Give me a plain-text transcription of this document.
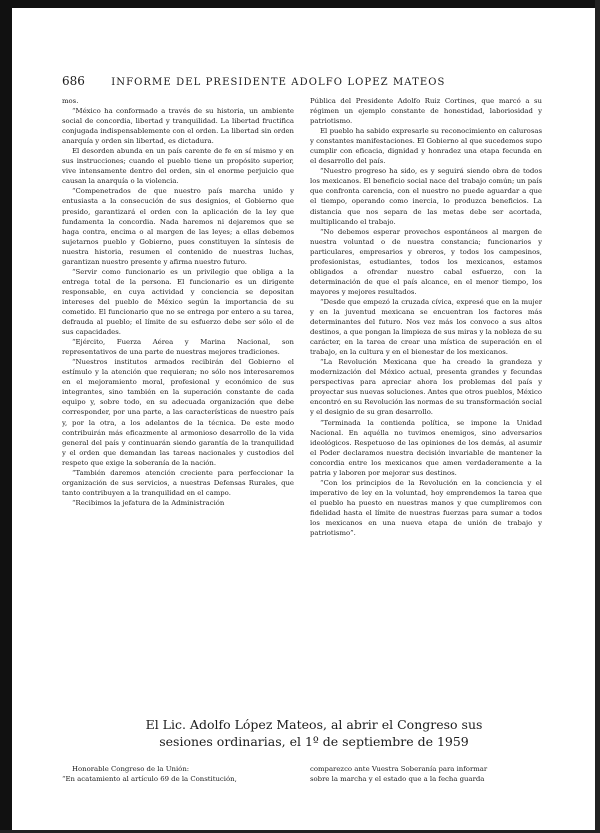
686	INFORME DEL PRESIDENTE ADOLFO LOPEZ MATEOS

mos.

“México ha conformado a través de su historia, un ambiente social de concordia, libertad y tranquilidad. La libertad fructifica conjugada indispensablemente con el orden. La libertad sin orden anarquía y orden sin libertad, es dictadura.

El desorden abunda en un país carente de fe en sí mismo y en sus instrucciones; cuando el pueblo tiene un propósito superior, vive intensamente dentro del orden, sin el enorme perjuicio que causan la anarquía o la violencia.

“Compenetrados de que nuestro país marcha unido y entusiasta a la consecución de sus designios, el Gobierno que presido, garantizará el orden con la aplicación de la ley que fundamenta la concordia. Nada haremos ni dejaremos que se haga contra, encima o al margen de las leyes; a ellas debemos sujetarnos pueblo y Gobierno, pues constituyen la síntesis de nuestra historia, resumen el contenido de nuestras luchas, garantizan nuestro presente y afirma nuestro futuro.

“Servir como funcionario es un privilegio que obliga a la entrega total de la persona. El funcionario es un dirigente responsable, en cuya actividad y conciencia se depositan intereses del pueblo de México según la importancia de su cometido. El funcionario que no se entrega por entero a su tarea, defrauda al pueblo; el límite de su esfuerzo debe ser sólo el de sus capacidades.

“Ejército, Fuerza Aérea y Marina Nacional, son representativos de una parte de nuestras mejores tradiciones.

“Nuestros institutos armados recibirán del Gobierno el estímulo y la atención que requieran; no sólo nos interesaremos en el mejoramiento moral, profesional y económico de sus integrantes, sino también en la superación constante de cada equipo y, sobre todo, en su adecuada organización que debe corresponder, por una parte, a las características de nuestro país y, por la otra, a los adelantos de la técnica. De este modo contribuirán más eficazmente al armonioso desarrollo de la vida general del país y continuarán siendo garantía de la tranquilidad y el orden que demandan las tareas nacionales y custodios del respeto que exige la soberanía de la nación.

“También daremos atención creciente para perfeccionar la organización de sus servicios, a nuestras Defensas Rurales, que tanto contribuyen a la tranquilidad en el campo.

“Recibimos la jefatura de la Administración

Pública del Presidente Adolfo Ruiz Cortines, que marcó a su régimen un ejemplo constante de honestidad, laboriosidad y patriotismo.

El pueblo ha sabido expresarle su reconocimiento en calurosas y constantes manifestaciones. El Gobierno al que sucedemos supo cumplir con eficacia, dignidad y honradez una etapa fecunda en el desarrollo del país.

“Nuestro progreso ha sido, es y seguirá siendo obra de todos los mexicanos. El beneficio social nace del trabajo común; un país que confronta carencia, con el nuestro no puede aguardar a que el tiempo, operando como inercia, lo produzca beneficios. La distancia que nos separa de las metas debe ser acortada, multiplicando el trabajo.

“No debemos esperar provechos espontáneos al margen de nuestra voluntad o de nuestra constancia; funcionarios y particulares, empresarios y obreros, y todos los campesinos, profesionistas, estudiantes, todos los mexicanos, estamos obligados a ofrendar nuestro cabal esfuerzo, con la determinación de que el país alcance, en el menor tiempo, los mayores y mejores resultados.

“Desde que empezó la cruzada cívica, expresé que en la mujer y en la juventud mexicana se encuentran los factores más determinantes del futuro. Nos vez más los convoco a sus altos destinos, a que pongan la limpieza de sus miras y la nobleza de su carácter, en la tarea de crear una mística de superación en el trabajo, en la cultura y en el bienestar de los mexicanos.

“La Revolución Mexicana que ha creado la grandeza y modernización del México actual, presenta grandes y fecundas perspectivas para apreciar ahora los problemas del país y proyectar sus nuevas soluciones. Antes que otros pueblos, México encontró en su Revolución las normas de su transformación social y el designio de su gran desarrollo.

“Terminada la contienda política, se impone la Unidad Nacional. En aquélla no tuvimos enemigos, sino adversarios ideológicos. Respetuoso de las opiniones de los demás, al asumir el Poder declaramos nuestra decisión invariable de mantener la concordia entre los mexicanos que amen verdaderamente a la patria y laboren por mejorar sus destinos.

“Con los principios de la Revolución en la conciencia y el imperativo de ley en la voluntad, hoy emprendemos la tarea que el pueblo ha puesto en nuestras manos y que cumpliremos con fidelidad hasta el límite de nuestras fuerzas para sumar a todos los mexicanos en una nueva etapa de unión de trabajo y patriotismo”.

El Lic. Adolfo López Mateos, al abrir el Congreso sus
sesiones ordinarias, el 1º de septiembre de 1959

Honorable Congreso de la Unión:

“En acatamiento al artículo 69 de la Constitución,

comparezco ante Vuestra Soberanía para informar

sobre la marcha y el estado que a la fecha guarda
